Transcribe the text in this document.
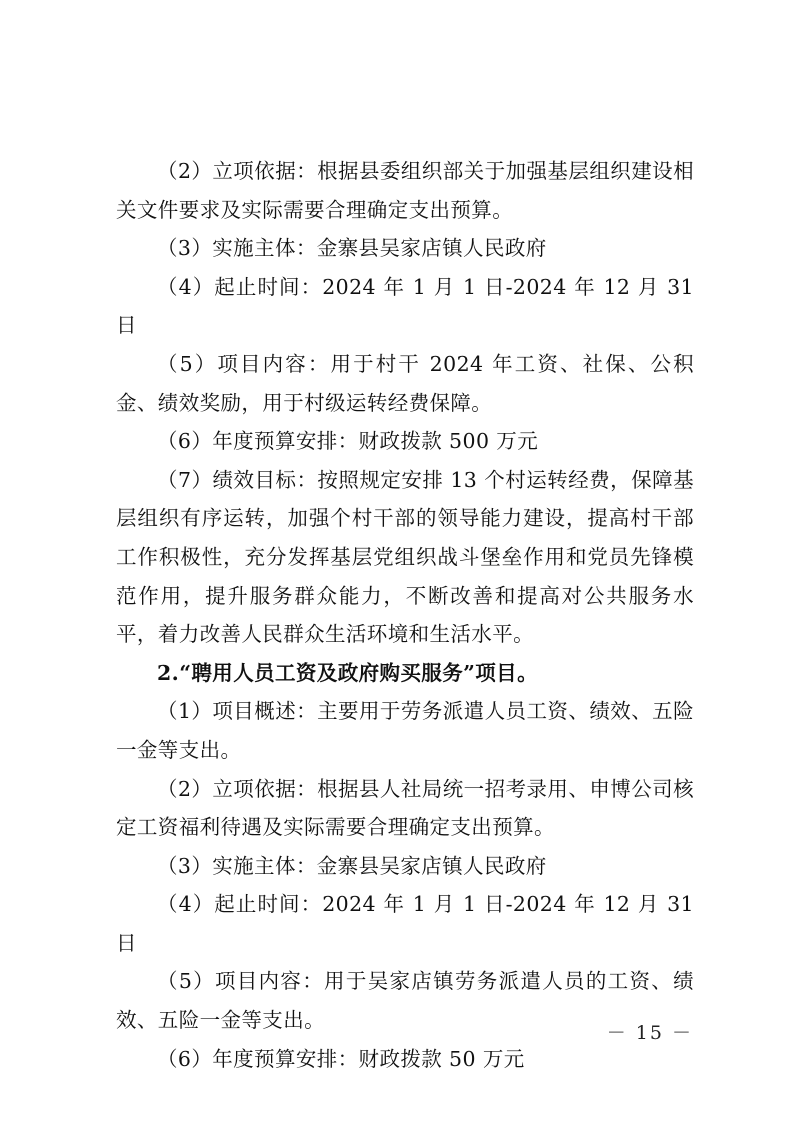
（2）立项依据：根据县委组织部关于加强基层组织建设相关文件要求及实际需要合理确定支出预算。

（3）实施主体：金寨县吴家店镇人民政府

（4）起止时间：2024 年 1 月 1 日-2024 年 12 月 31 日

（5）项目内容：用于村干 2024 年工资、社保、公积金、绩效奖励，用于村级运转经费保障。

（6）年度预算安排：财政拨款 500 万元

（7）绩效目标：按照规定安排 13 个村运转经费，保障基层组织有序运转，加强个村干部的领导能力建设，提高村干部工作积极性，充分发挥基层党组织战斗堡垒作用和党员先锋模范作用，提升服务群众能力，不断改善和提高对公共服务水平，着力改善人民群众生活环境和生活水平。

2.“聘用人员工资及政府购买服务”项目。

（1）项目概述：主要用于劳务派遣人员工资、绩效、五险一金等支出。

（2）立项依据：根据县人社局统一招考录用、申博公司核定工资福利待遇及实际需要合理确定支出预算。

（3）实施主体：金寨县吴家店镇人民政府

（4）起止时间：2024 年 1 月 1 日-2024 年 12 月 31 日

（5）项目内容：用于吴家店镇劳务派遣人员的工资、绩效、五险一金等支出。

（6）年度预算安排：财政拨款 50 万元

－ 15 －
